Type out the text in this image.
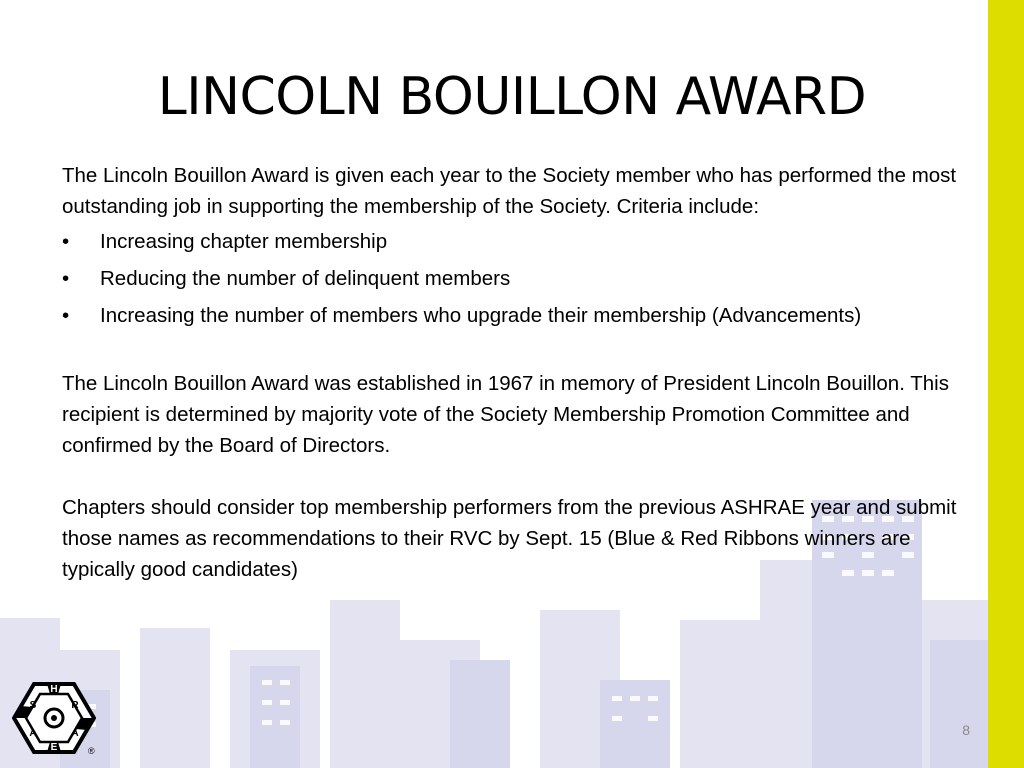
LINCOLN BOUILLON AWARD

The Lincoln Bouillon Award is given each year to the Society member who has performed the most outstanding job in supporting the membership of the Society. Criteria include:

• Increasing chapter membership
• Reducing the number of delinquent members
• Increasing the number of members who upgrade their membership (Advancements)

The Lincoln Bouillon Award was established in 1967 in memory of President Lincoln Bouillon. This recipient is determined by majority vote of the Society Membership Promotion Committee and confirmed by the Board of Directors.

Chapters should consider top membership performers from the previous ASHRAE year and submit those names as recommendations to their RVC by Sept. 15 (Blue & Red Ribbons winners are typically good candidates)

H
E
S	R
A	A
®
8
